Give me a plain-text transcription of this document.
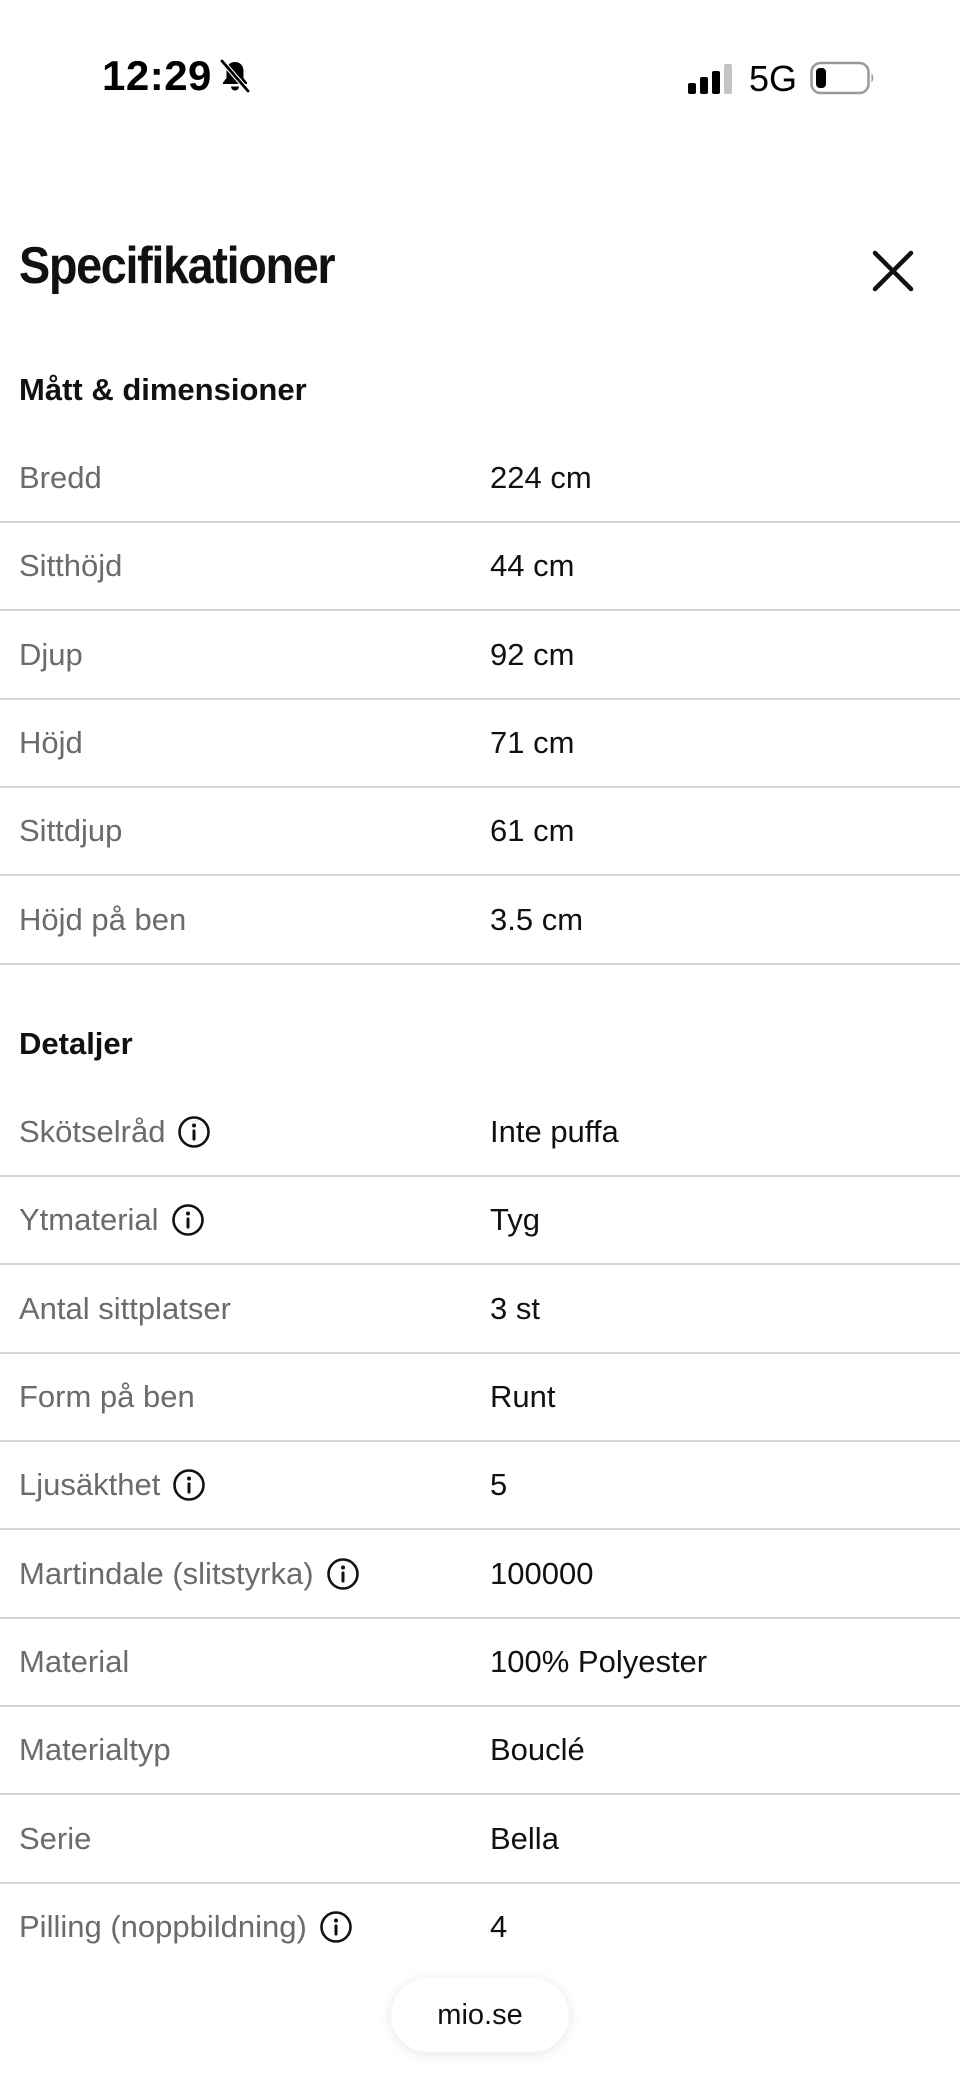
12:29	5G
Specifikationer
Mått & dimensioner
Bredd	224 cm
Sitthöjd	44 cm
Djup	92 cm
Höjd	71 cm
Sittdjup	61 cm
Höjd på ben	3.5 cm
Detaljer
Skötselråd	Inte puffa
Ytmaterial	Tyg
Antal sittplatser	3 st
Form på ben	Runt
Ljusäkthet	5
Martindale (slitstyrka)	100000
Material	100% Polyester
Materialtyp	Bouclé
Serie	Bella
Pilling (noppbildning)	4
mio.se
